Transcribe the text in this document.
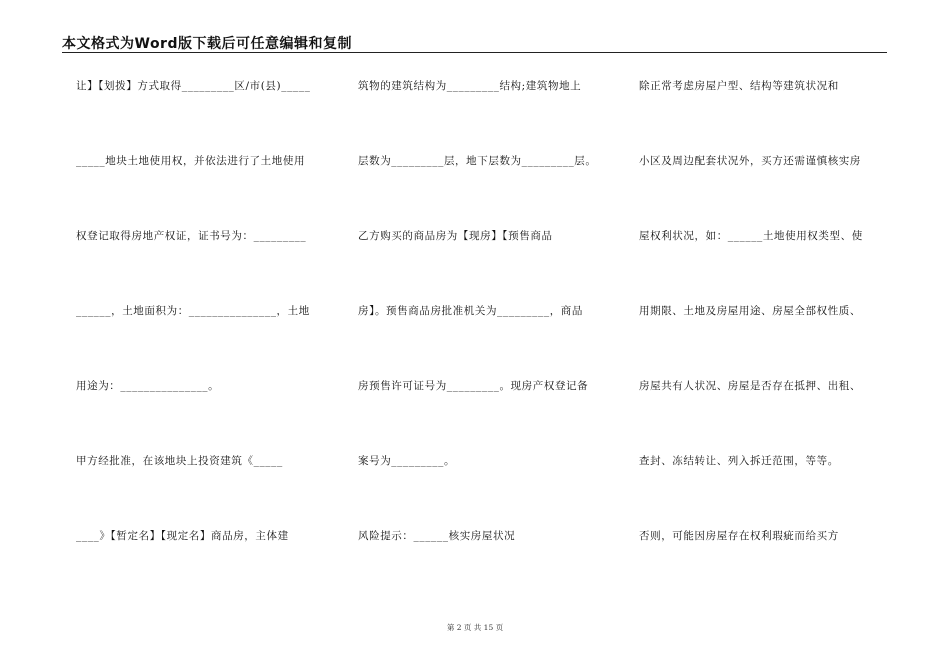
本文格式为Word版下载后可任意编辑和复制
让】【划拨】方式取得_________区/市(县)_____
_____地块土地使用权，并依法进行了土地使用
权登记取得房地产权证，证书号为：_________
______，土地面积为：_______________，土地
用途为：_______________。
甲方经批准，在该地块上投资建筑《_____
____》【暂定名】【现定名】商品房，主体建
筑物的建筑结构为_________结构;建筑物地上
层数为_________层，地下层数为_________层。
乙方购买的商品房为【现房】【预售商品
房】。预售商品房批准机关为_________，商品
房预售许可证号为_________。现房产权登记备
案号为_________。
风险提示：______核实房屋状况
除正常考虑房屋户型、结构等建筑状况和
小区及周边配套状况外，买方还需谨慎核实房
屋权利状况，如：______土地使用权类型、使
用期限、土地及房屋用途、房屋全部权性质、
房屋共有人状况、房屋是否存在抵押、出租、
查封、冻结转让、列入拆迁范围，等等。
否则，可能因房屋存在权利瑕疵而给买方
第 2 页 共 15 页
